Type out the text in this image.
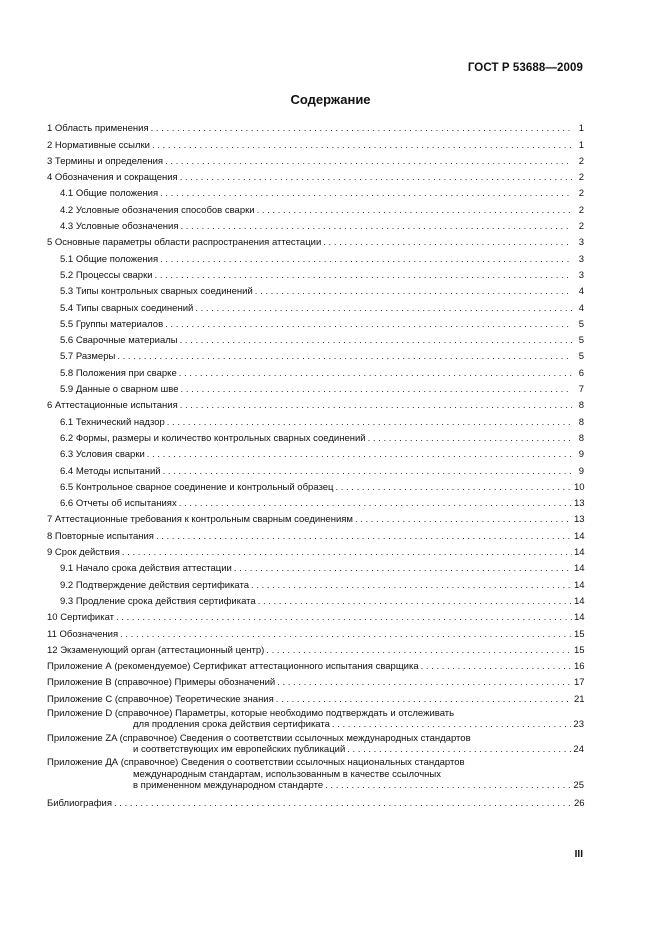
ГОСТ Р 53688—2009
Содержание
1 Область применения . . .	1
2 Нормативные ссылки . . .	1
3 Термины и определения . . .	2
4 Обозначения и сокращения . . .	2
4.1 Общие положения . . .	2
4.2 Условные обозначения способов сварки . . .	2
4.3 Условные обозначения . . .	2
5 Основные параметры области распространения аттестации . . .	3
5.1 Общие положения . . .	3
5.2 Процессы сварки . . .	3
5.3 Типы контрольных сварных соединений . . .	4
5.4 Типы сварных соединений . . .	4
5.5 Группы материалов . . .	5
5.6 Сварочные материалы . . .	5
5.7 Размеры . . .	5
5.8 Положения при сварке . . .	6
5.9 Данные о сварном шве . . .	7
6 Аттестационные испытания . . .	8
6.1 Технический надзор . . .	8
6.2 Формы, размеры и количество контрольных сварных соединений . . .	8
6.3 Условия сварки . . .	9
6.4 Методы испытаний . . .	9
6.5 Контрольное сварное соединение и контрольный образец . . .	10
6.6 Отчеты об испытаниях . . .	13
7 Аттестационные требования к контрольным сварным соединениям . . .	13
8 Повторные испытания . . .	14
9 Срок действия . . .	14
9.1 Начало срока действия аттестации . . .	14
9.2 Подтверждение действия сертификата . . .	14
9.3 Продление срока действия сертификата . . .	14
10 Сертификат . . .	14
11 Обозначения . . .	15
12 Экзаменующий орган (аттестационный центр) . . .	15
Приложение А (рекомендуемое) Сертификат аттестационного испытания сварщика . . .	16
Приложение В (справочное) Примеры обозначений . . .	17
Приложение С (справочное) Теоретические знания . . .	21
Приложение D (справочное) Параметры, которые необходимо подтверждать и отслеживать
для продления срока действия сертификата . . .	23
Приложение ZA (справочное) Сведения о соответствии ссылочных международных стандартов
и соответствующих им европейских публикаций . . .	24
Приложение ДА (справочное) Сведения о соответствии ссылочных национальных стандартов
международным стандартам, использованным в качестве ссылочных
в примененном международном стандарте . . .	25
Библиография . . .	26
III
